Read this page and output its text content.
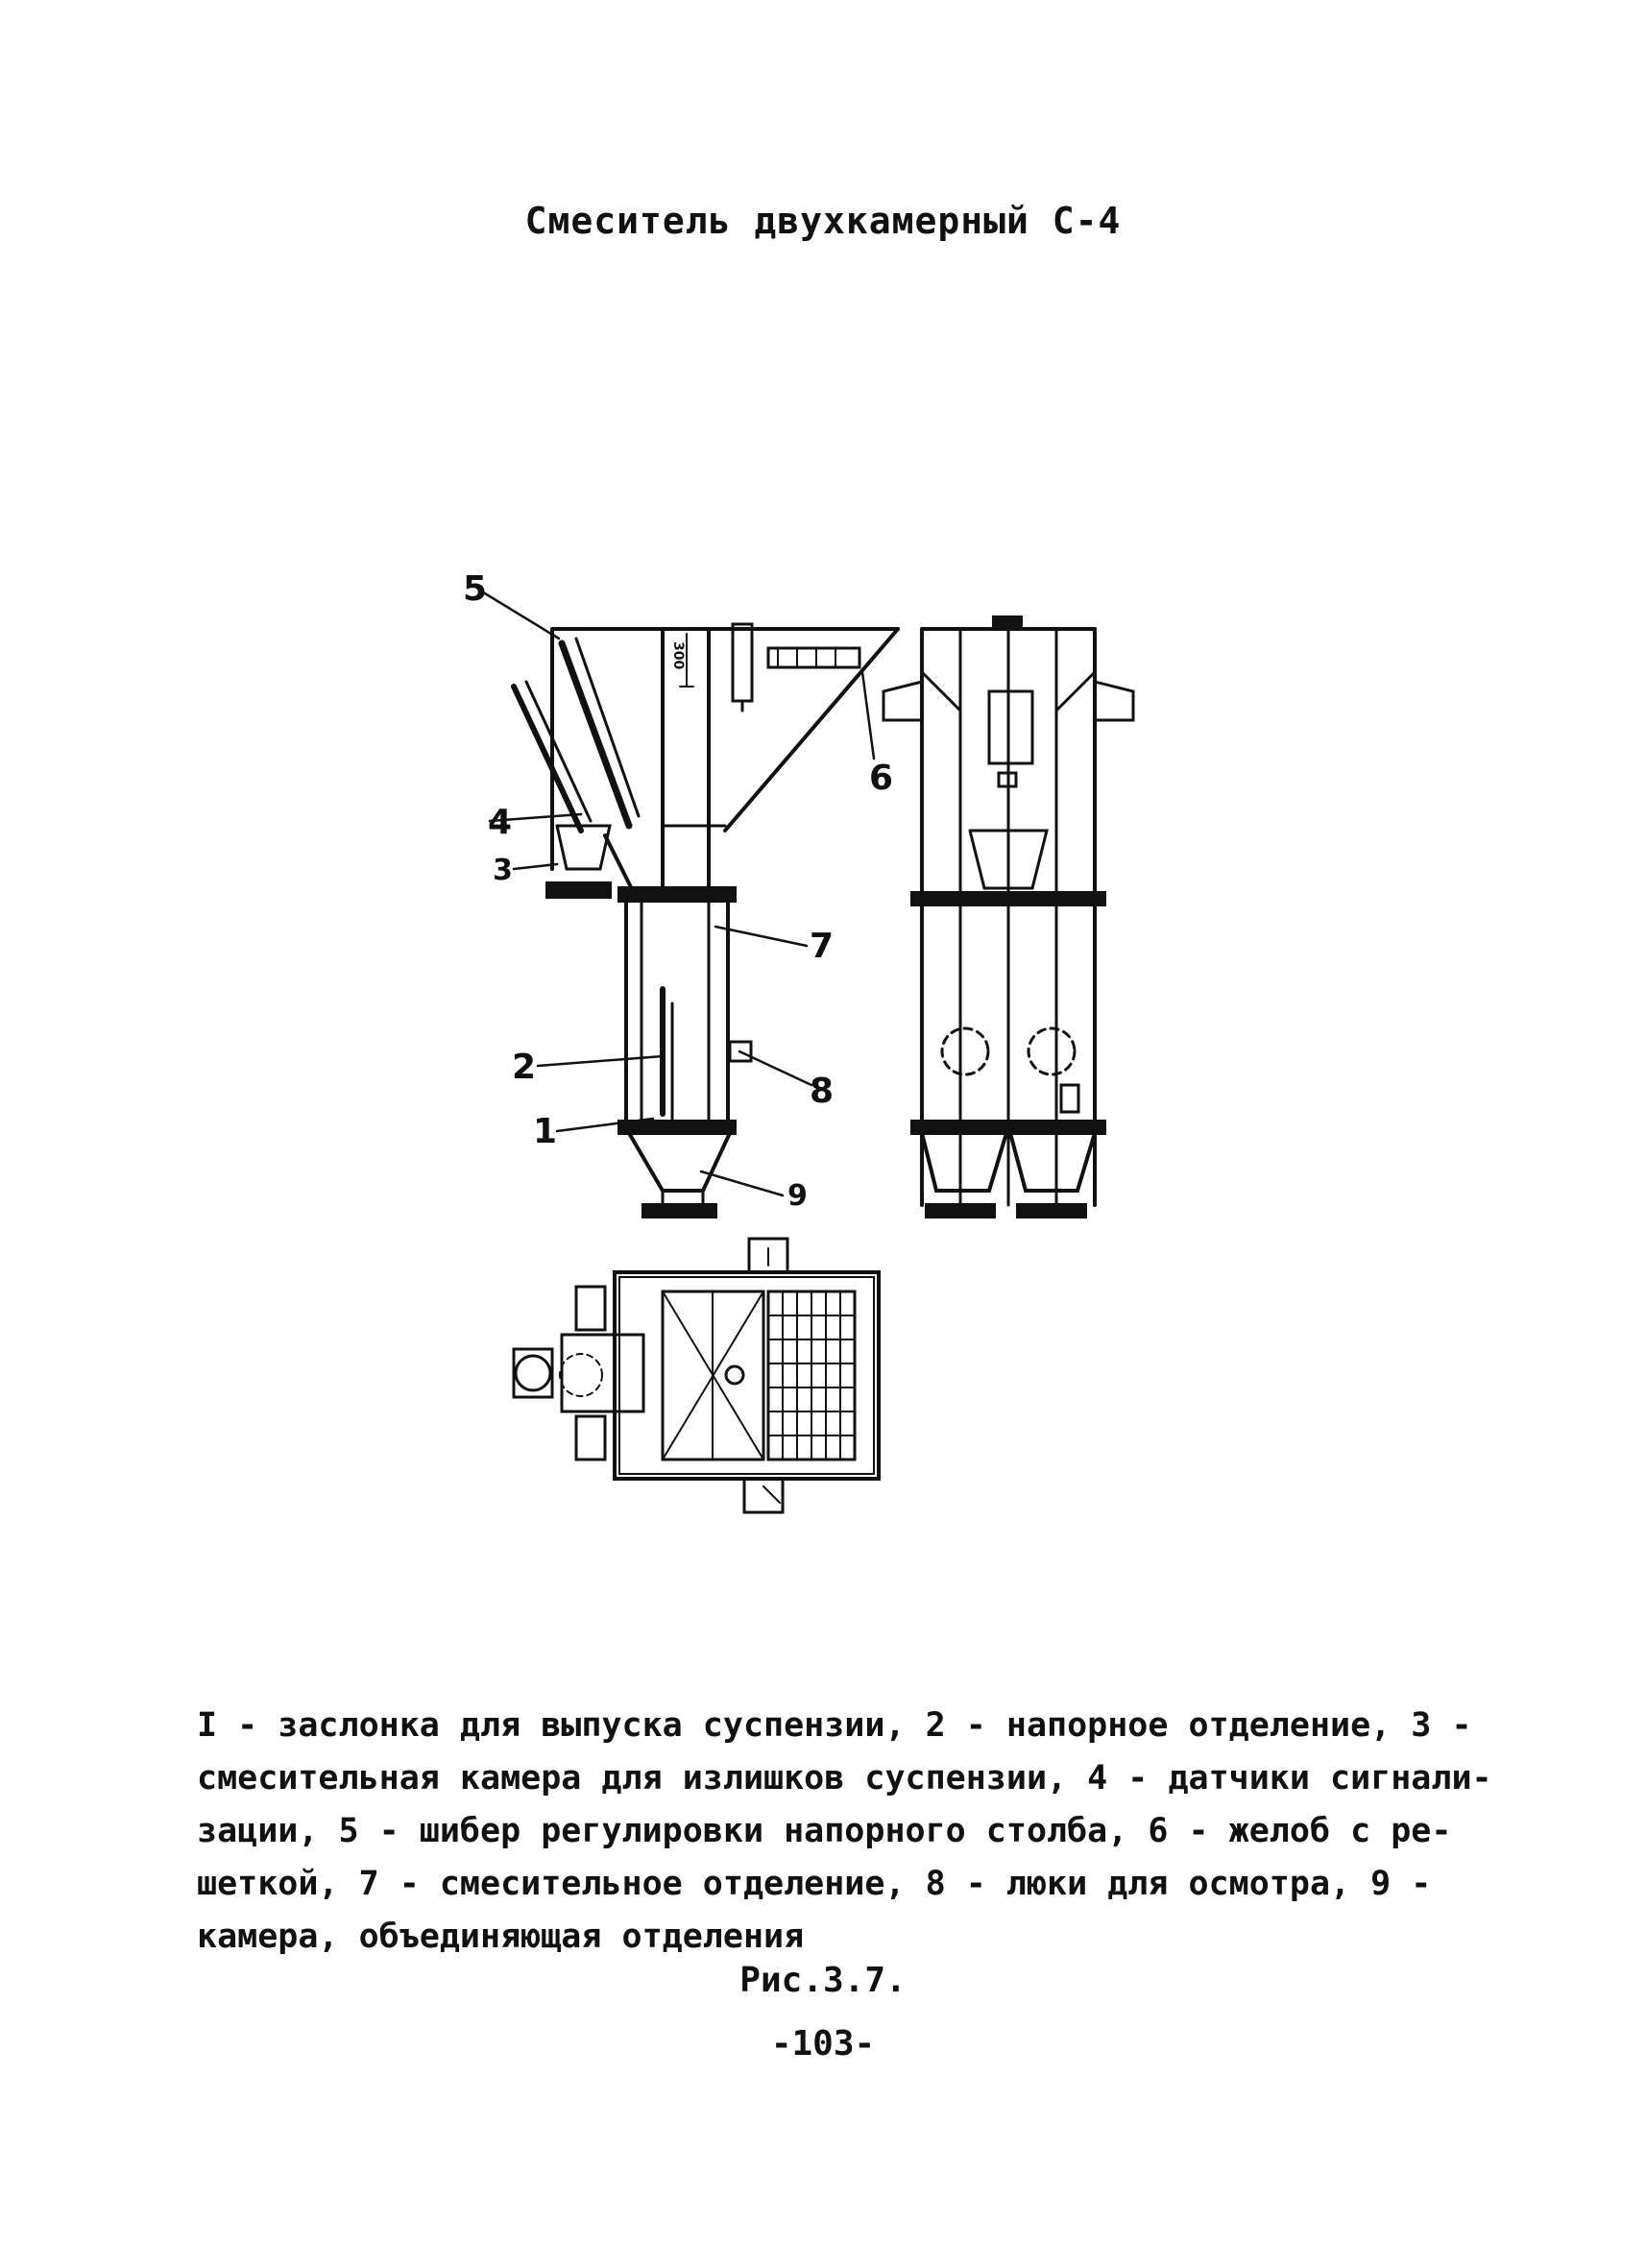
Смеситель двухкамерный С-4
5
6
4
3
7
2
8
1
9
300
I - заслонка для выпуска суспензии, 2 - напорное отделение, 3 -
смесительная камера для излишков суспензии, 4 - датчики сигнали-
зации, 5 - шибер регулировки напорного столба, 6 - желоб с ре-
шеткой, 7 - смесительное отделение, 8 - люки для осмотра, 9 -
камера, объединяющая отделения
Рис.3.7.
-103-
